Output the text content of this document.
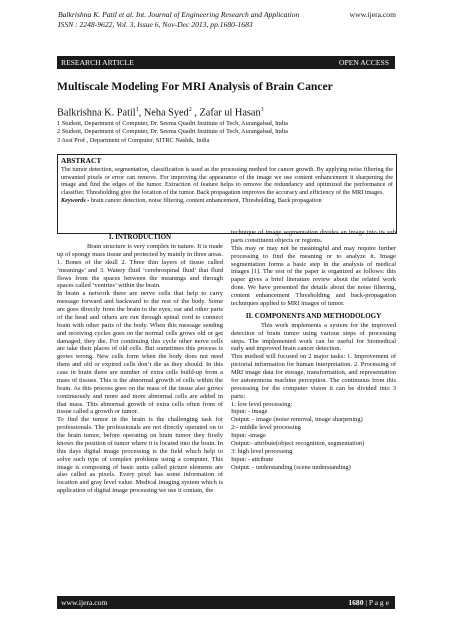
Balkrishna K. Patil et al. Int. Journal of Engineering Research and Application
ISSN : 2248-9622, Vol. 3, Issue 6, Nov-Dec 2013, pp.1680-1683
www.ijera.com
RESEARCH ARTICLE	OPEN ACCESS
Multiscale Modeling For MRI Analysis of Brain Cancer
Balkrishna K. Patil$^1$, Neha Syed$^2$ , Zafar ul Hasan$^3$
1 Student, Department of Computer, Dr. Seema Quadri Institute of Tech, Aurangabad, India
2 Student, Department of Computer, Dr. Seema Quadri Institute of Tech, Aurangabad, India
3 Asst Prof , Department of Computer, SITRC Nashik, India
ABSTRACT

The tumor detection, segmentation, classification is used as the processing method for cancer growth. By applying noise filtering the unwanted pixels or error can remove. For improving the appearance of the image we use content enhancement it sharpening the image and find the edges of the tumor. Extraction of feature helps to remove the redundancy and optimized the performance of classifier. Thresholding give the location of the tumor. Back propagation improves the accuracy and efficiency of the MRI images.

Keywords - brain cancer detection, noise filtering, content enhancement, Thresholding, Back propagation

I. INTRODUCTION

Brain structure is very complex in nature. It is made up of spongy mass tissue and protected by mainly in three areas. 1. Bones of the skull 2. Three thin layers of tissue called ‘meanings’ and 3. Watery fluid ‘cerebrospinal fluid’ that fluid flows from the spaces between the meanings and through spaces called ‘ventries’ within the brain.

In brain a network there are nerve cells that help to carry message forward and backward to the rest of the body. Some are goes directly from the brain to the eyes; ear and other parts of the head and others are run through spinal cord to connect brain with other parts of the body. When this message sending and receiving cycles goes on the normal cells grows old or get damaged, they die. For continuing this cycle other nerve cells are take their places of old cells. But sometimes this process is grows wrong. New cells form when the body does not need them and old or expired cells don’t die as they should. In this case in brain there are number of extra cells build-up from a mass of tissues. This is the abnormal growth of cells within the brain. As this process goes on the mass of the tissue also grows continuously and more and more abnormal cells are added in that mass. This abnormal growth of extra cells often from of tissue called a growth or tumor.

To find the tumor in the brain is the challenging task for professionals. The professionals are not directly operated on to the brain tumor, before operating on brain tumor they firstly knows the position of tumor where it is located into the brain. In this days digital image processing is the field which help to solve such type of complex problems using a computer. This image is composing of basic units called picture elements are also called as pixels. Every pixel has some information of location and gray level value. Medical imaging system which is application of digital image processing we use it contain, the

technique of image segmentation divides an image into its sub parts constituent objects or regions.

This may or may not be meaningful and may require further processing to find the meaning or to analyze it. Image segmentation forms a basic step in the analysis of medical images [1]. The rest of the paper is organized as follows: this paper gives a brief literature review about the related work done. We have presented the details about the noise filtering, content enhancement Thresholding and back-propagation techniques applied to MRI images of tumor.

II. COMPONENTS AND METHODOLOGY

This work implements a system for the improved detection of brain tumor using various steps of processing steps. The implemented work can be useful for biomedical early and improved brain cancer detection.

This method will focused on 2 major tasks: 1. Improvement of pictorial information for human interpretation. 2. Processing of MRI image data for storage, transformation, and representation for autonomous machine perception. The continuous from this processing for the computer vision it can be divided into 3 parts:

1: low level processing:

Input: - image

Output: - image (noise removal, image sharpening)

2:- middle level processing

Input: -image

Output:- attribute(object recognition, segmentation)

3: high level processing

Input: - attribute

Output: - understanding (scene understanding)

www.ijera.com	1680 | P a g e
